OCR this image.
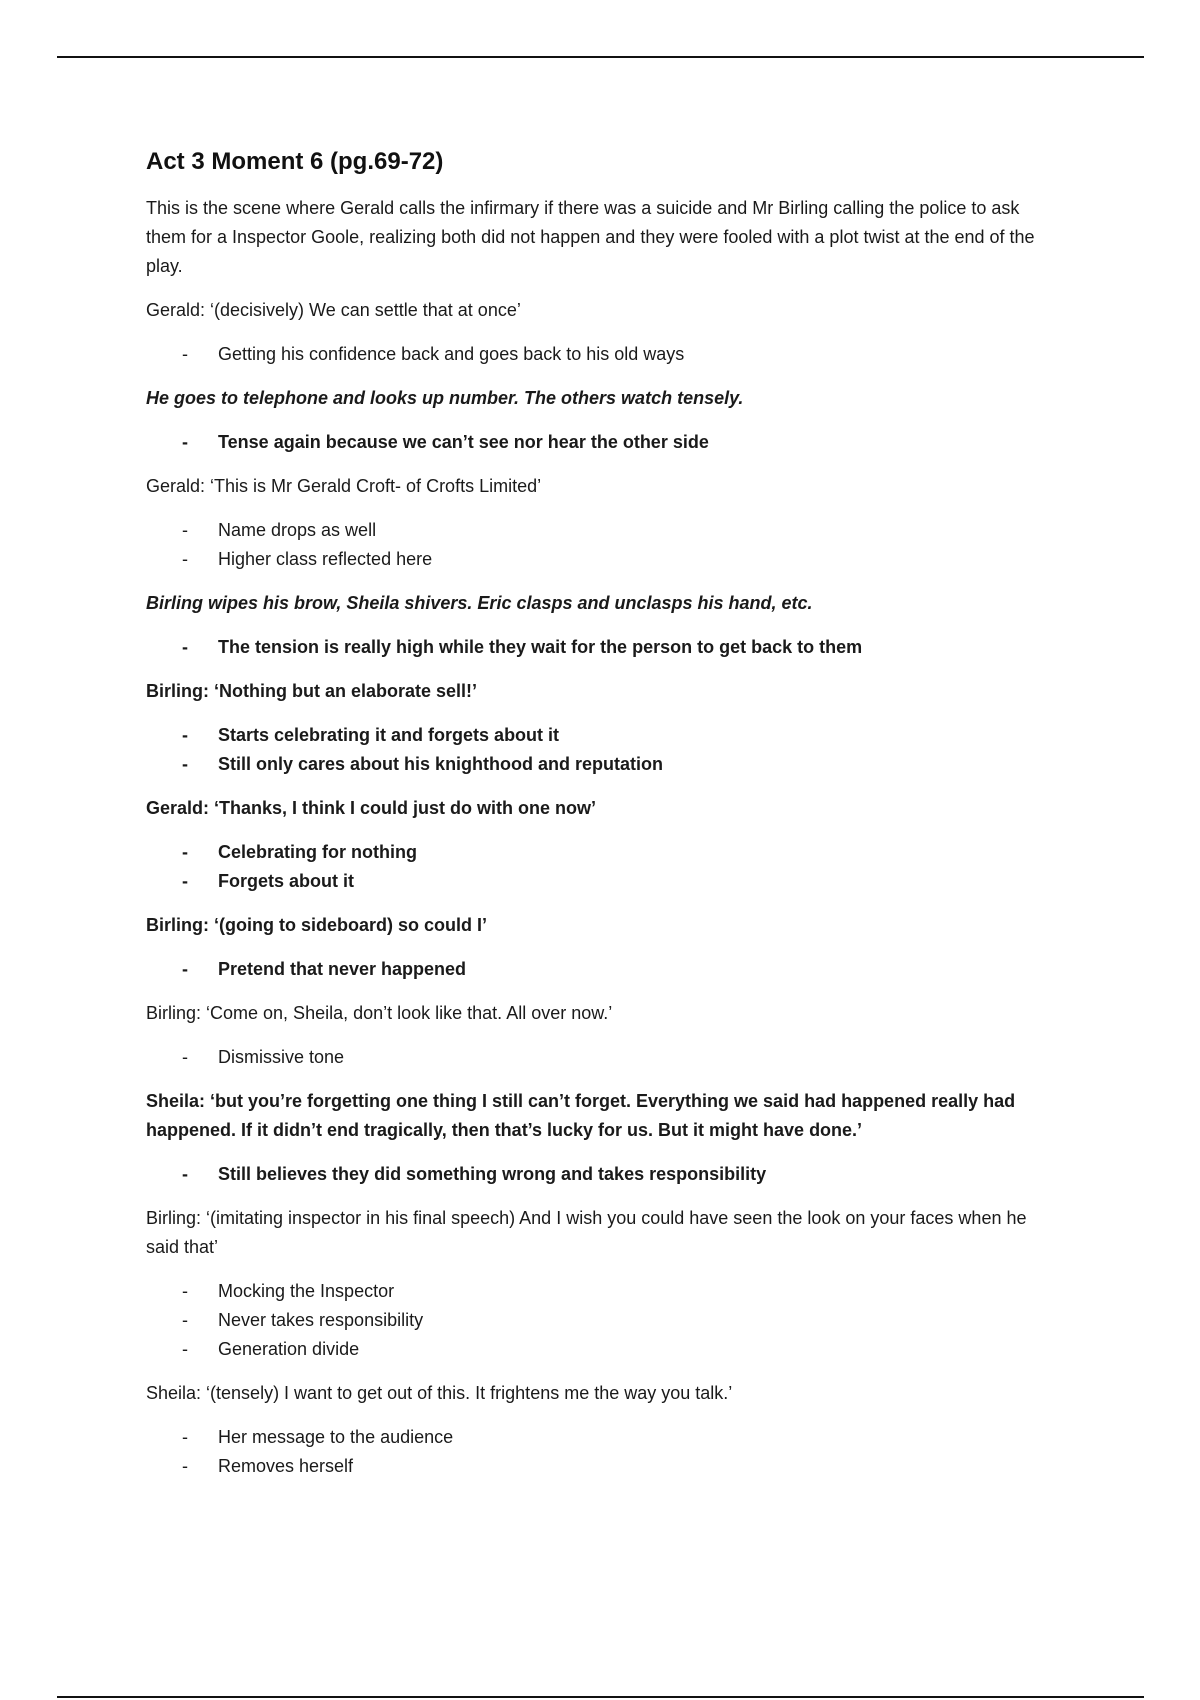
Act 3 Moment 6 (pg.69-72)

This is the scene where Gerald calls the infirmary if there was a suicide and Mr Birling calling the police to ask them for a Inspector Goole, realizing both did not happen and they were fooled with a plot twist at the end of the play.

Gerald: ‘(decisively) We can settle that at once’

- Getting his confidence back and goes back to his old ways

He goes to telephone and looks up number. The others watch tensely.

- Tense again because we can’t see nor hear the other side

Gerald: ‘This is Mr Gerald Croft- of Crofts Limited’

- Name drops as well
- Higher class reflected here

Birling wipes his brow, Sheila shivers. Eric clasps and unclasps his hand, etc.

- The tension is really high while they wait for the person to get back to them

Birling: ‘Nothing but an elaborate sell!’

- Starts celebrating it and forgets about it
- Still only cares about his knighthood and reputation

Gerald: ‘Thanks, I think I could just do with one now’

- Celebrating for nothing
- Forgets about it

Birling: ‘(going to sideboard) so could I’

- Pretend that never happened

Birling: ‘Come on, Sheila, don’t look like that. All over now.’

- Dismissive tone

Sheila: ‘but you’re forgetting one thing I still can’t forget. Everything we said had happened really had happened. If it didn’t end tragically, then that’s lucky for us. But it might have done.’

- Still believes they did something wrong and takes responsibility

Birling: ‘(imitating inspector in his final speech) And I wish you could have seen the look on your faces when he said that’

- Mocking the Inspector
- Never takes responsibility
- Generation divide

Sheila: ‘(tensely) I want to get out of this. It frightens me the way you talk.’

- Her message to the audience
- Removes herself
